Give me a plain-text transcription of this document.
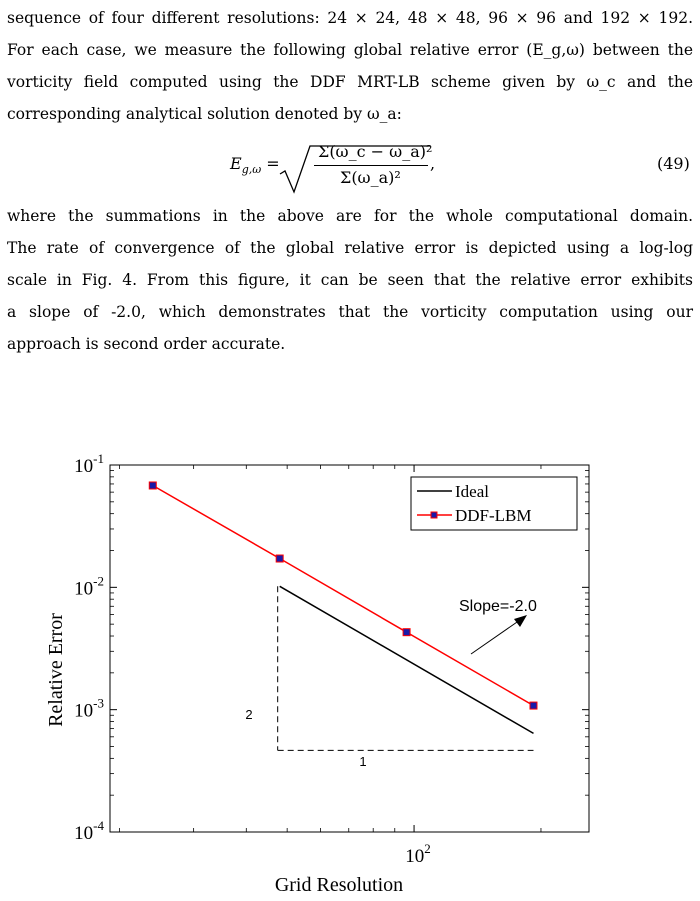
sequence of four different resolutions: 24 × 24, 48 × 48, 96 × 96 and 192 × 192.
For each case, we measure the following global relative error (E_g,ω) between the
vorticity field computed using the DDF MRT-LB scheme given by ω_c and the
corresponding analytical solution denoted by ω_a:
$E_{g,\omega}$ =
Σ(ω_c − ω_a)²
Σ(ω_a)²
,	(49)
where the summations in the above are for the whole computational domain.
The rate of convergence of the global relative error is depicted using a log-log
scale in Fig. 4. From this figure, it can be seen that the relative error exhibits
a slope of -2.0, which demonstrates that the vorticity computation using our
approach is second order accurate.
$10^{-1}$
$10^{-2}$
$10^{-3}$
$10^{-4}$
$10^2$
Grid Resolution
Relative Error	2
1
Slope=-2.0
Ideal
DDF-LBM
